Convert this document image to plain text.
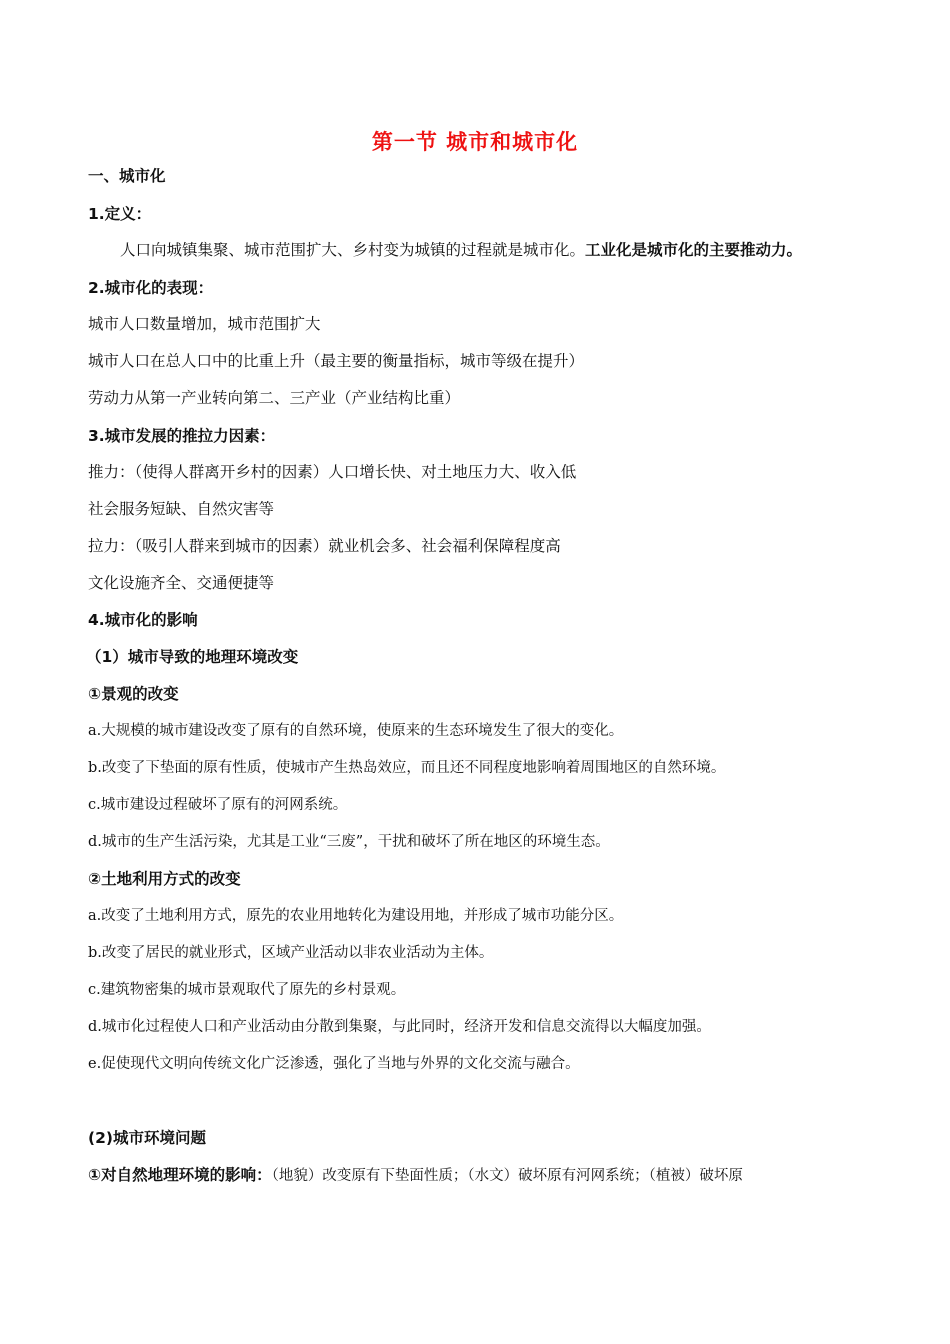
第一节 城市和城市化
一、城市化
1.定义：
人口向城镇集聚、城市范围扩大、乡村变为城镇的过程就是城市化。工业化是城市化的主要推动力。
2.城市化的表现：
城市人口数量增加，城市范围扩大
城市人口在总人口中的比重上升（最主要的衡量指标，城市等级在提升）
劳动力从第一产业转向第二、三产业（产业结构比重）
3.城市发展的推拉力因素：
推力：（使得人群离开乡村的因素）人口增长快、对土地压力大、收入低
社会服务短缺、自然灾害等
拉力：（吸引人群来到城市的因素）就业机会多、社会福利保障程度高
文化设施齐全、交通便捷等
4.城市化的影响
（1）城市导致的地理环境改变
①景观的改变
a.大规模的城市建设改变了原有的自然环境，使原来的生态环境发生了很大的变化。
b.改变了下垫面的原有性质，使城市产生热岛效应，而且还不同程度地影响着周围地区的自然环境。
c.城市建设过程破坏了原有的河网系统。
d.城市的生产生活污染，尤其是工业“三废”，干扰和破坏了所在地区的环境生态。
②土地利用方式的改变
a.改变了土地利用方式，原先的农业用地转化为建设用地，并形成了城市功能分区。
b.改变了居民的就业形式，区域产业活动以非农业活动为主体。
c.建筑物密集的城市景观取代了原先的乡村景观。
d.城市化过程使人口和产业活动由分散到集聚，与此同时，经济开发和信息交流得以大幅度加强。
e.促使现代文明向传统文化广泛渗透，强化了当地与外界的文化交流与融合。
(2)城市环境问题
①对自然地理环境的影响：（地貌）改变原有下垫面性质；（水文）破坏原有河网系统；（植被）破坏原
